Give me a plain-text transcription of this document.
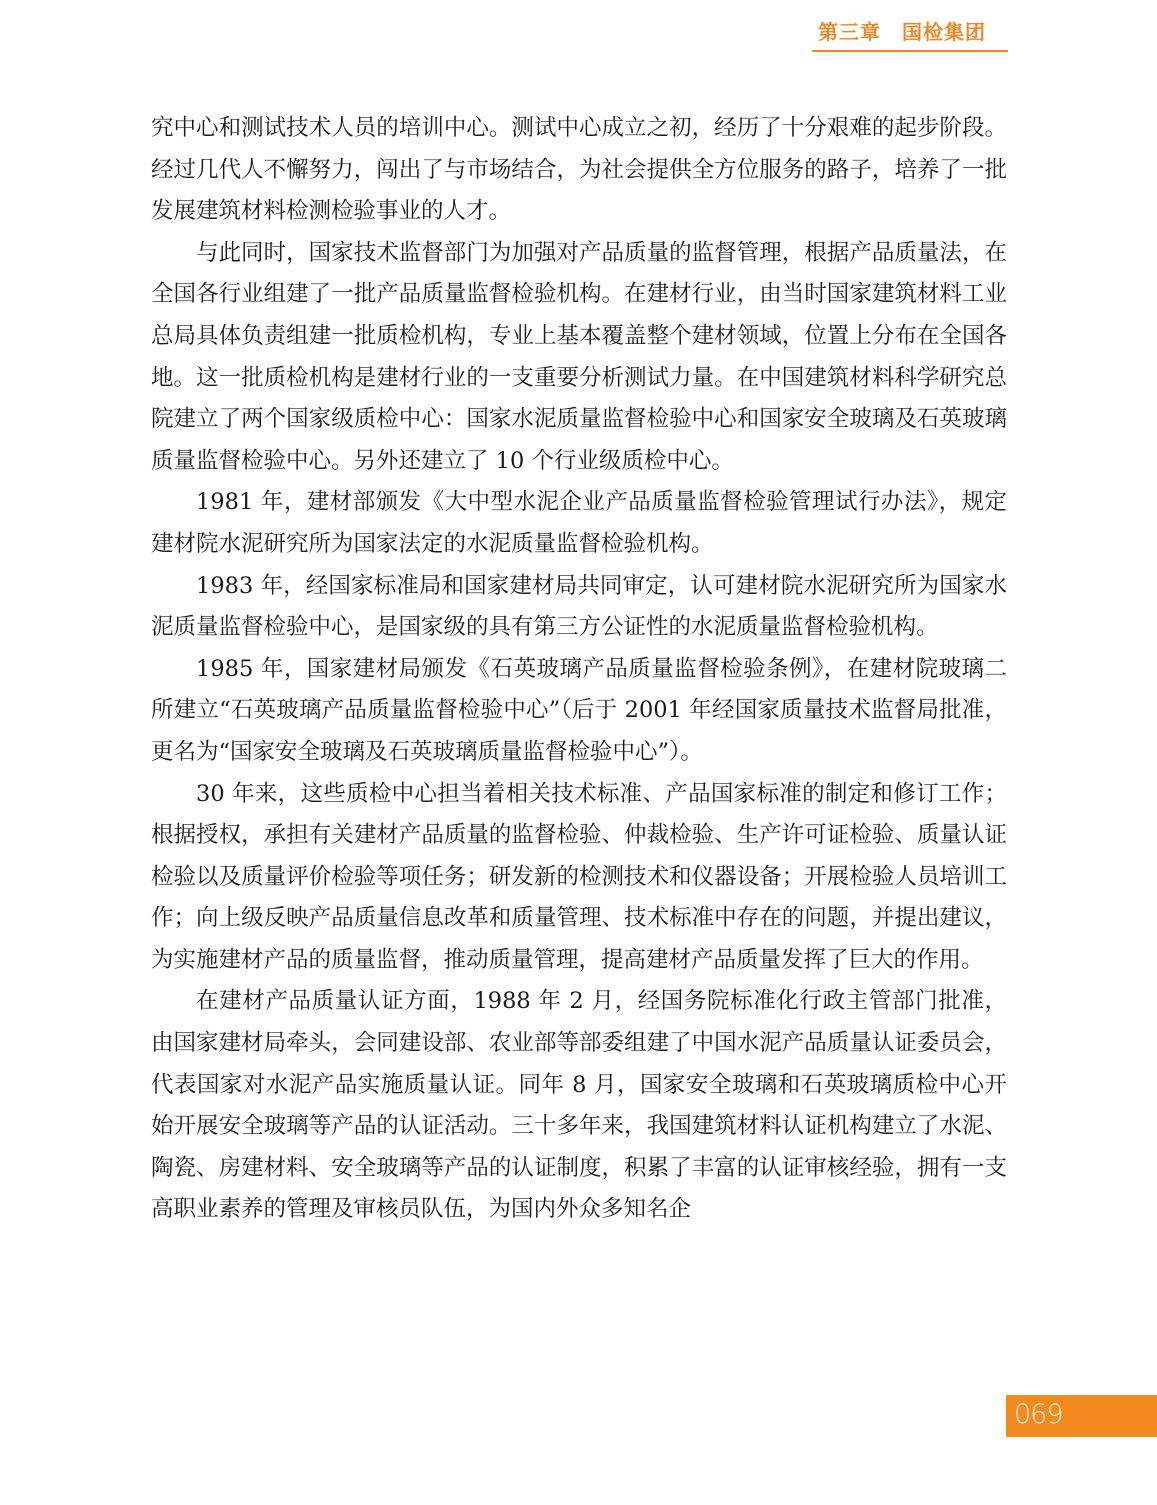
第三章　国检集团

究中心和测试技术人员的培训中心。测试中心成立之初，经历了十分艰难的起步阶段。经过几代人不懈努力，闯出了与市场结合，为社会提供全方位服务的路子，培养了一批发展建筑材料检测检验事业的人才。

与此同时，国家技术监督部门为加强对产品质量的监督管理，根据产品质量法，在全国各行业组建了一批产品质量监督检验机构。在建材行业，由当时国家建筑材料工业总局具体负责组建一批质检机构，专业上基本覆盖整个建材领域，位置上分布在全国各地。这一批质检机构是建材行业的一支重要分析测试力量。在中国建筑材料科学研究总院建立了两个国家级质检中心：国家水泥质量监督检验中心和国家安全玻璃及石英玻璃质量监督检验中心。另外还建立了 10 个行业级质检中心。

1981 年，建材部颁发《大中型水泥企业产品质量监督检验管理试行办法》，规定建材院水泥研究所为国家法定的水泥质量监督检验机构。

1983 年，经国家标准局和国家建材局共同审定，认可建材院水泥研究所为国家水泥质量监督检验中心，是国家级的具有第三方公证性的水泥质量监督检验机构。

1985 年，国家建材局颁发《石英玻璃产品质量监督检验条例》，在建材院玻璃二所建立“石英玻璃产品质量监督检验中心”（后于 2001 年经国家质量技术监督局批准，更名为“国家安全玻璃及石英玻璃质量监督检验中心”）。

30 年来，这些质检中心担当着相关技术标准、产品国家标准的制定和修订工作；根据授权，承担有关建材产品质量的监督检验、仲裁检验、生产许可证检验、质量认证检验以及质量评价检验等项任务；研发新的检测技术和仪器设备；开展检验人员培训工作；向上级反映产品质量信息改革和质量管理、技术标准中存在的问题，并提出建议，为实施建材产品的质量监督，推动质量管理，提高建材产品质量发挥了巨大的作用。

在建材产品质量认证方面，1988 年 2 月，经国务院标准化行政主管部门批准，由国家建材局牵头，会同建设部、农业部等部委组建了中国水泥产品质量认证委员会，代表国家对水泥产品实施质量认证。同年 8 月，国家安全玻璃和石英玻璃质检中心开始开展安全玻璃等产品的认证活动。三十多年来，我国建筑材料认证机构建立了水泥、陶瓷、房建材料、安全玻璃等产品的认证制度，积累了丰富的认证审核经验，拥有一支高职业素养的管理及审核员队伍，为国内外众多知名企

069
